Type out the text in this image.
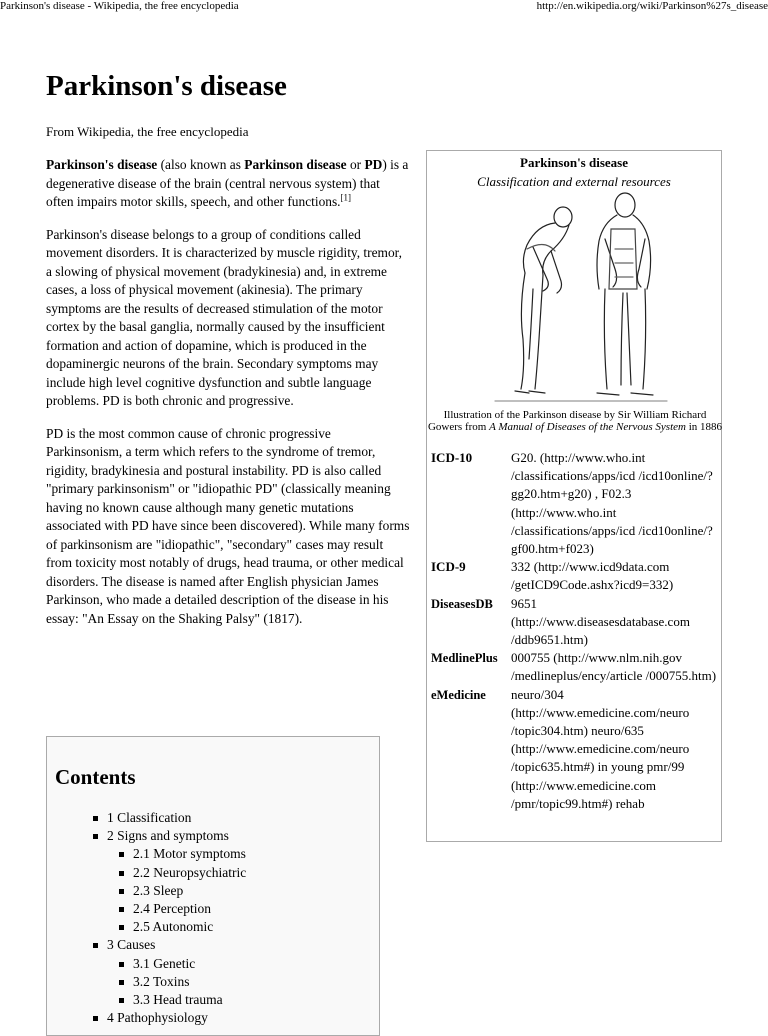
Parkinson's disease - Wikipedia, the free encyclopedia	http://en.wikipedia.org/wiki/Parkinson%27s_disease
Parkinson's disease
From Wikipedia, the free encyclopedia

Parkinson's disease (also known as Parkinson disease or PD) is a degenerative disease of the brain (central nervous system) that often impairs motor skills, speech, and other functions.[1]

Parkinson's disease belongs to a group of conditions called movement disorders. It is characterized by muscle rigidity, tremor, a slowing of physical movement (bradykinesia) and, in extreme cases, a loss of physical movement (akinesia). The primary symptoms are the results of decreased stimulation of the motor cortex by the basal ganglia, normally caused by the insufficient formation and action of dopamine, which is produced in the dopaminergic neurons of the brain. Secondary symptoms may include high level cognitive dysfunction and subtle language problems. PD is both chronic and progressive.

PD is the most common cause of chronic progressive Parkinsonism, a term which refers to the syndrome of tremor, rigidity, bradykinesia and postural instability. PD is also called "primary parkinsonism" or "idiopathic PD" (classically meaning having no known cause although many genetic mutations associated with PD have since been discovered). While many forms of parkinsonism are "idiopathic", "secondary" cases may result from toxicity most notably of drugs, head trauma, or other medical disorders. The disease is named after English physician James Parkinson, who made a detailed description of the disease in his essay: "An Essay on the Shaking Palsy" (1817).

Parkinson's disease
Classification and external resources
Illustration of the Parkinson disease by Sir William Richard Gowers from A Manual of Diseases of the Nervous System in 1886
ICD-10	G20. (http://www.who.int /classifications/apps/icd /icd10online/?gg20.htm+g20) , F02.3 (http://www.who.int /classifications/apps/icd /icd10online/?gf00.htm+f023)
ICD-9	332 (http://www.icd9data.com /getICD9Code.ashx?icd9=332)
DiseasesDB	9651 (http://www.diseasesdatabase.com /ddb9651.htm)
MedlinePlus	000755 (http://www.nlm.nih.gov /medlineplus/ency/article /000755.htm)
eMedicine	neuro/304 (http://www.emedicine.com/neuro /topic304.htm) neuro/635 (http://www.emedicine.com/neuro /topic635.htm#) in young pmr/99 (http://www.emedicine.com /pmr/topic99.htm#) rehab
Contents
1 Classification
2 Signs and symptoms
2.1 Motor symptoms
2.2 Neuropsychiatric
2.3 Sleep
2.4 Perception
2.5 Autonomic
3 Causes
3.1 Genetic
3.2 Toxins
3.3 Head trauma
4 Pathophysiology
